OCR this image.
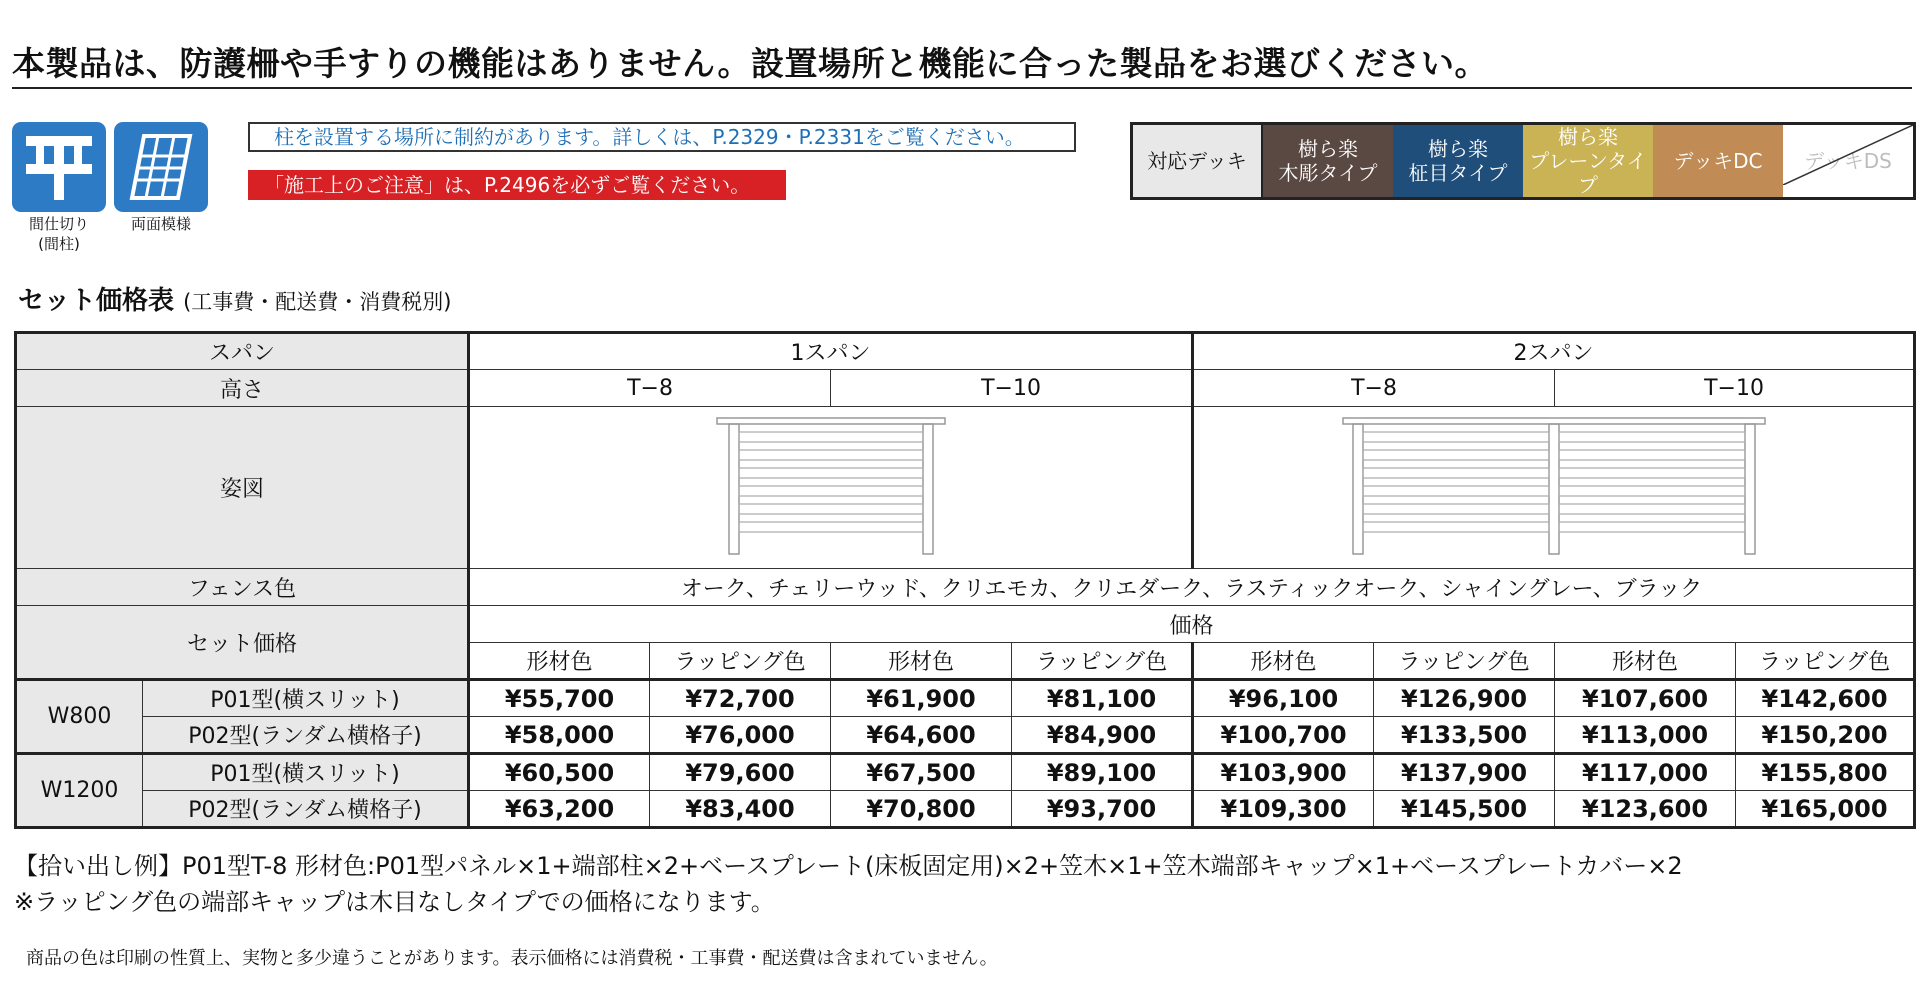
本製品は、防護柵や手すりの機能はありません。設置場所と機能に合った製品をお選びください。
間仕切り
(間柱)
両面模様
柱を設置する場所に制約があります。詳しくは、P.2329・P.2331をご覧ください。
「施工上のご注意」は、P.2496を必ずご覧ください。
対応デッキ	樹ら楽
木彫タイプ

樹ら楽
柾目タイプ

樹ら楽
プレーンタイプ

デッキDC	デッキDS
セット価格表 (工事費・配送費・消費税別)
スパン		1スパン				2スパン			
高さ		T−8		T−10		T−8		T−10	
姿図		
フェンス色		オーク、チェリーウッド、クリエモカ、クリエダーク、ラスティックオーク、シャイングレー、ブラック							
セット価格		価格							
		形材色	ラッピング色	形材色	ラッピング色	形材色	ラッピング色	形材色	ラッピング色
W800	P01型(横スリット)	¥55,700	¥72,700	¥61,900	¥81,100	¥96,100	¥126,900	¥107,600	¥142,600
	P02型(ランダム横格子)	¥58,000	¥76,000	¥64,600	¥84,900	¥100,700	¥133,500	¥113,000	¥150,200
W1200	P01型(横スリット)	¥60,500	¥79,600	¥67,500	¥89,100	¥103,900	¥137,900	¥117,000	¥155,800
	P02型(ランダム横格子)	¥63,200	¥83,400	¥70,800	¥93,700	¥109,300	¥145,500	¥123,600	¥165,000
【拾い出し例】P01型T-8 形材色:P01型パネル×1+端部柱×2+ベースプレート(床板固定用)×2+笠木×1+笠木端部キャップ×1+ベースプレートカバー×2
※ラッピング色の端部キャップは木目なしタイプでの価格になります。
商品の色は印刷の性質上、実物と多少違うことがあります。表示価格には消費税・工事費・配送費は含まれていません。
